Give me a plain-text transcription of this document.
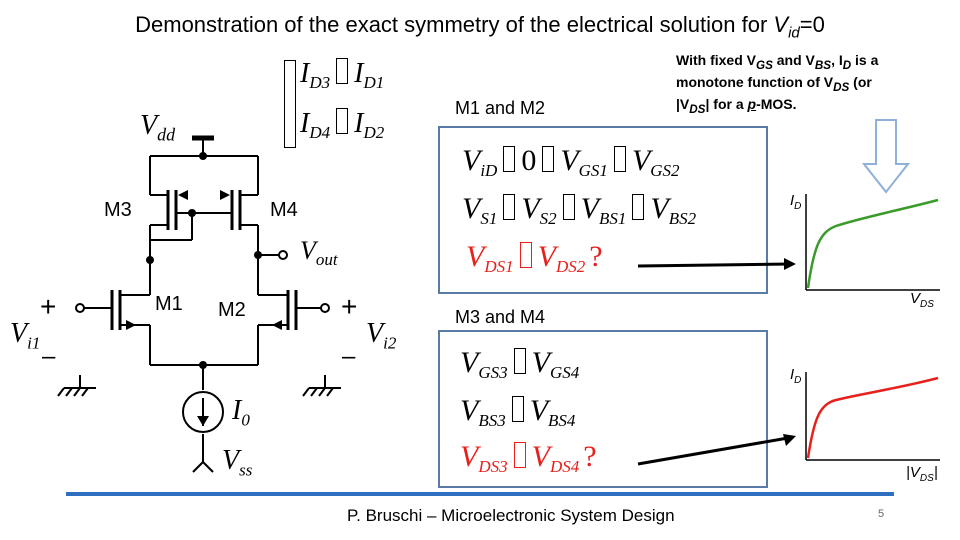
Demonstration of the exact symmetry of the electrical solution for $V_{id}=0$
$V_{dd}$
M3	M4
M1 M2
$V_{out}$
+
$V_{i1}$ –
+
$V_{i2}$
–
$I_0$
$V_{ss}$
$I_{D3}$ $I_{D1}$
$I_{D4}$ $I_{D2}$
M1 and M2
M3 and M4
With fixed $V_{GS}$ and $V_{BS}$, $I_D$ is a
monotone function of $V_{DS}$ (or
$|V_{DS}|$ for a p-MOS.
$V_{iD}$ 0 $V_{GS1}$ $V_{GS2}$
$V_{S1}$ $V_{S2}$ $V_{BS1}$ $V_{BS2}$
$V_{DS1}$ $V_{DS2}$ ?
$V_{GS3}$ $V_{GS4}$
$V_{BS3}$ $V_{BS4}$
$V_{DS3}$ $V_{DS4}$ ?
$I_D$
$V_{DS}$
$I_D$
$|V_{DS}|$
P. Bruschi – Microelectronic System Design	5
